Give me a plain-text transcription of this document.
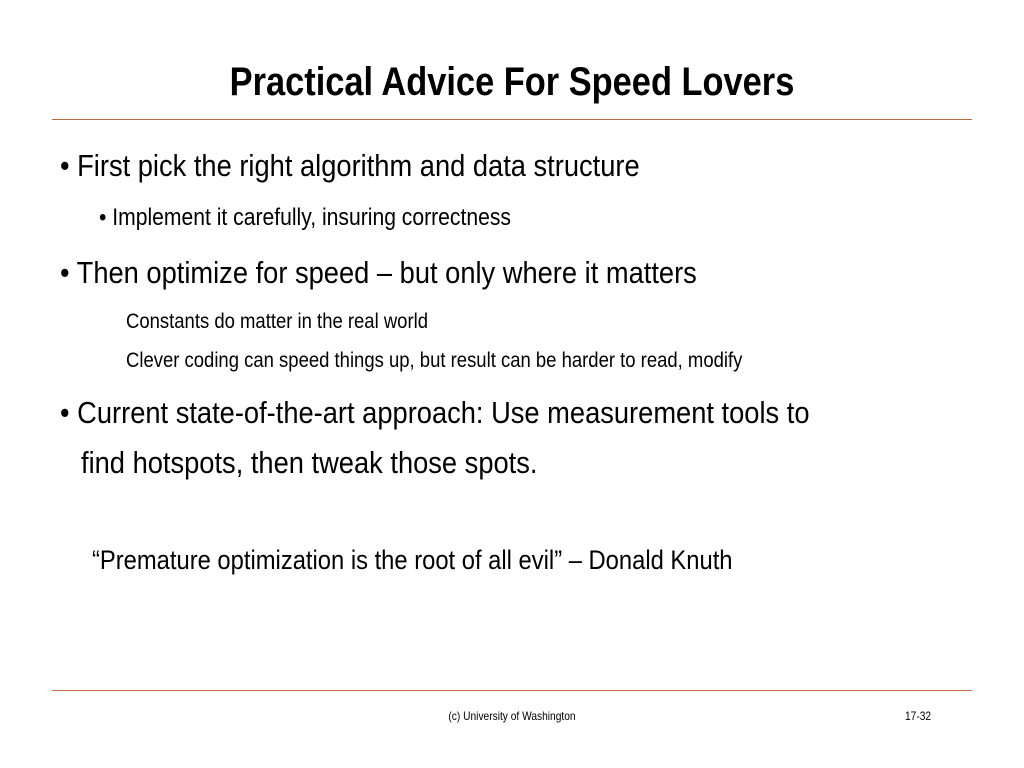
Practical Advice For Speed Lovers
• First pick the right algorithm and data structure
• Implement it carefully, insuring correctness
• Then optimize for speed – but only where it matters
Constants do matter in the real world
Clever coding can speed things up, but result can be harder to read, modify
• Current state-of-the-art approach: Use measurement tools to
find hotspots, then tweak those spots.
“Premature optimization is the root of all evil” – Donald Knuth
(c) University of Washington	17-32
